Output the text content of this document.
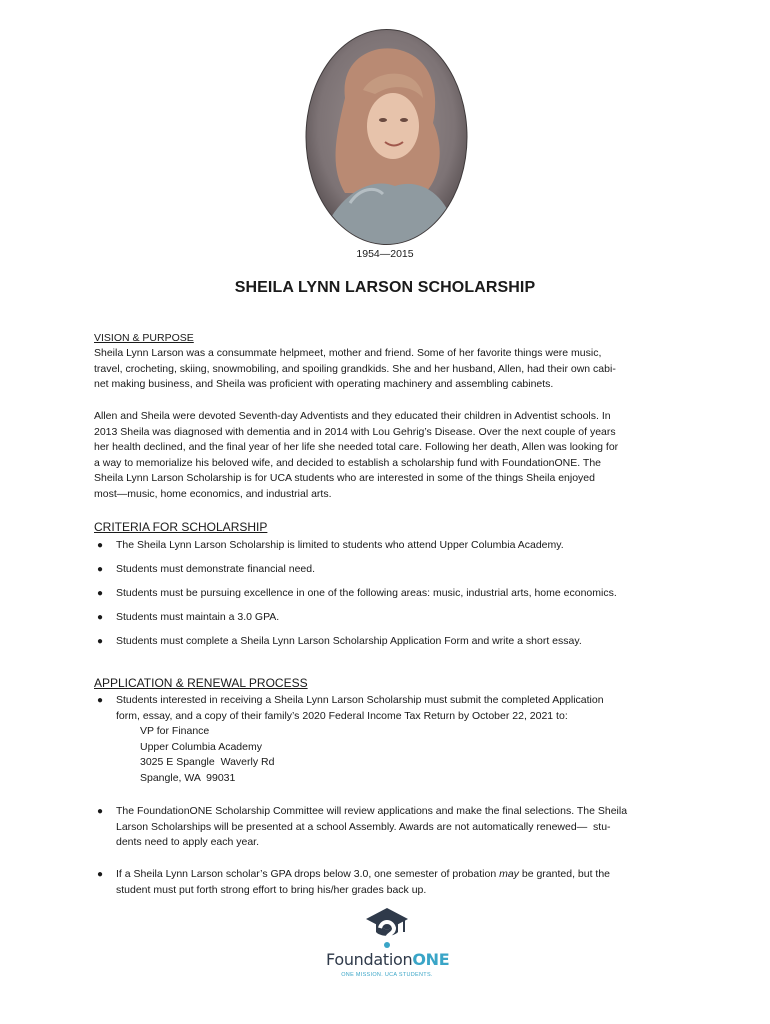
1954—2015
SHEILA LYNN LARSON SCHOLARSHIP
VISION & PURPOSE
Sheila Lynn Larson was a consummate helpmeet, mother and friend. Some of her favorite things were music,
travel, crocheting, skiing, snowmobiling, and spoiling grandkids. She and her husband, Allen, had their own cabi-
net making business, and Sheila was proficient with operating machinery and assembling cabinets.
Allen and Sheila were devoted Seventh-day Adventists and they educated their children in Adventist schools. In
2013 Sheila was diagnosed with dementia and in 2014 with Lou Gehrig’s Disease. Over the next couple of years
her health declined, and the final year of her life she needed total care. Following her death, Allen was looking for
a way to memorialize his beloved wife, and decided to establish a scholarship fund with FoundationONE. The
Sheila Lynn Larson Scholarship is for UCA students who are interested in some of the things Sheila enjoyed
most—music, home economics, and industrial arts.
CRITERIA FOR SCHOLARSHIP
● The Sheila Lynn Larson Scholarship is limited to students who attend Upper Columbia Academy.
● Students must demonstrate financial need.
● Students must be pursuing excellence in one of the following areas: music, industrial arts, home economics.
● Students must maintain a 3.0 GPA.
● Students must complete a Sheila Lynn Larson Scholarship Application Form and write a short essay.
APPLICATION & RENEWAL PROCESS
● Students interested in receiving a Sheila Lynn Larson Scholarship must submit the completed Application
form, essay, and a copy of their family’s 2020 Federal Income Tax Return by October 22, 2021 to:
VP for Finance
Upper Columbia Academy
3025 E Spangle  Waverly Rd
Spangle, WA  99031
● The FoundationONE Scholarship Committee will review applications and make the final selections. The Sheila
Larson Scholarships will be presented at a school Assembly. Awards are not automatically renewed—  stu-
dents need to apply each year.
● If a Sheila Lynn Larson scholar’s GPA drops below 3.0, one semester of probation may be granted, but the
student must put forth strong effort to bring his/her grades back up.
FoundationONE
ONE MISSION. UCA STUDENTS.
